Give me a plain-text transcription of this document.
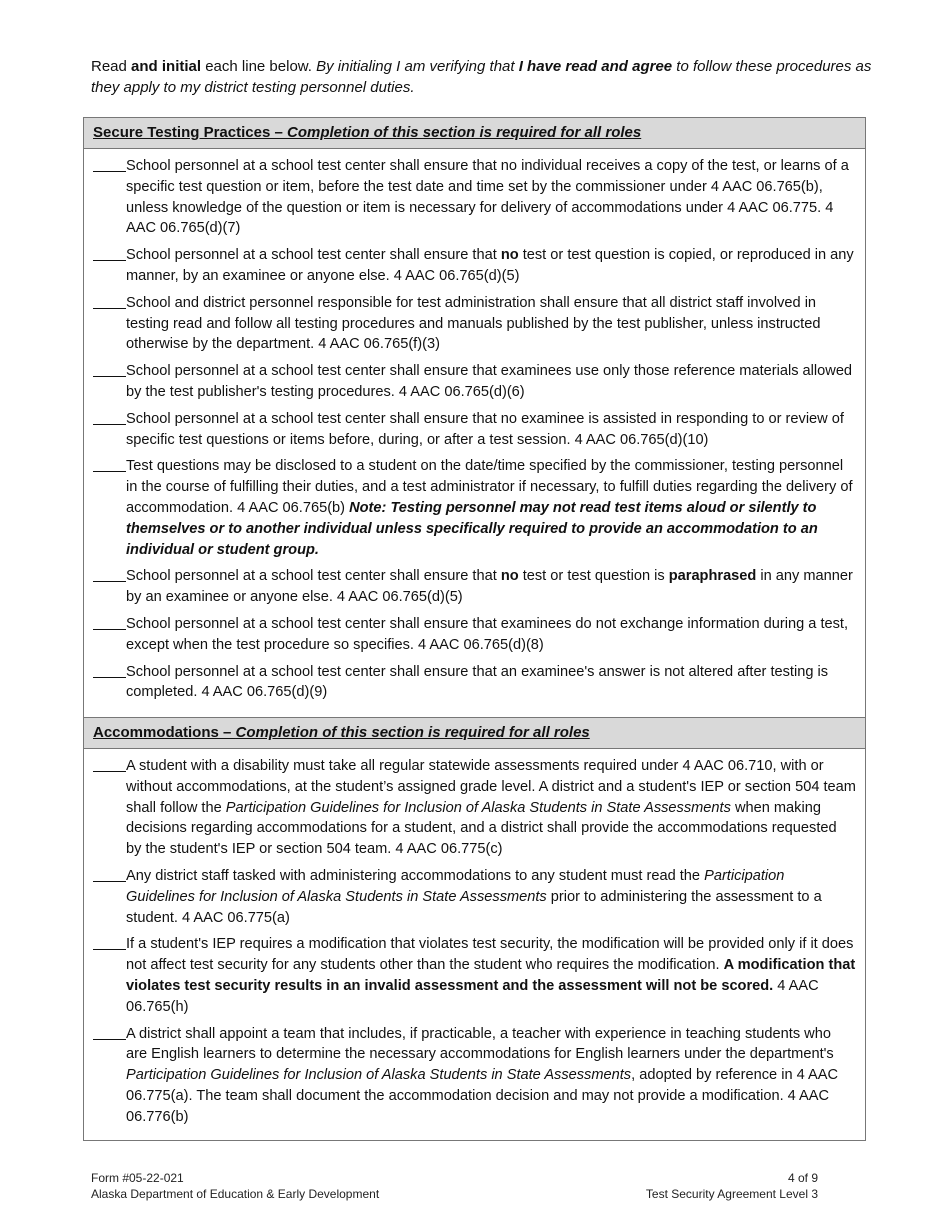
Read and initial each line below. By initialing I am verifying that I have read and agree to follow these procedures as they apply to my district testing personnel duties.
Secure Testing Practices – Completion of this section is required for all roles
School personnel at a school test center shall ensure that no individual receives a copy of the test, or learns of a specific test question or item, before the test date and time set by the commissioner under 4 AAC 06.765(b), unless knowledge of the question or item is necessary for delivery of accommodations under 4 AAC 06.775. 4 AAC 06.765(d)(7)
School personnel at a school test center shall ensure that no test or test question is copied, or reproduced in any manner, by an examinee or anyone else. 4 AAC 06.765(d)(5)
School and district personnel responsible for test administration shall ensure that all district staff involved in testing read and follow all testing procedures and manuals published by the test publisher, unless instructed otherwise by the department. 4 AAC 06.765(f)(3)
School personnel at a school test center shall ensure that examinees use only those reference materials allowed by the test publisher's testing procedures. 4 AAC 06.765(d)(6)
School personnel at a school test center shall ensure that no examinee is assisted in responding to or review of specific test questions or items before, during, or after a test session. 4 AAC 06.765(d)(10)
Test questions may be disclosed to a student on the date/time specified by the commissioner, testing personnel in the course of fulfilling their duties, and a test administrator if necessary, to fulfill duties regarding the delivery of accommodation. 4 AAC 06.765(b) Note: Testing personnel may not read test items aloud or silently to themselves or to another individual unless specifically required to provide an accommodation to an individual or student group.
School personnel at a school test center shall ensure that no test or test question is paraphrased in any manner by an examinee or anyone else. 4 AAC 06.765(d)(5)
School personnel at a school test center shall ensure that examinees do not exchange information during a test, except when the test procedure so specifies. 4 AAC 06.765(d)(8)
School personnel at a school test center shall ensure that an examinee's answer is not altered after testing is completed. 4 AAC 06.765(d)(9)
Accommodations – Completion of this section is required for all roles
A student with a disability must take all regular statewide assessments required under 4 AAC 06.710, with or without accommodations, at the student’s assigned grade level. A district and a student's IEP or section 504 team shall follow the Participation Guidelines for Inclusion of Alaska Students in State Assessments when making decisions regarding accommodations for a student, and a district shall provide the accommodations requested by the student's IEP or section 504 team. 4 AAC 06.775(c)
Any district staff tasked with administering accommodations to any student must read the Participation Guidelines for Inclusion of Alaska Students in State Assessments prior to administering the assessment to a student. 4 AAC 06.775(a)
If a student's IEP requires a modification that violates test security, the modification will be provided only if it does not affect test security for any students other than the student who requires the modification. A modification that violates test security results in an invalid assessment and the assessment will not be scored. 4 AAC 06.765(h)
A district shall appoint a team that includes, if practicable, a teacher with experience in teaching students who are English learners to determine the necessary accommodations for English learners under the department's Participation Guidelines for Inclusion of Alaska Students in State Assessments, adopted by reference in 4 AAC 06.775(a). The team shall document the accommodation decision and may not provide a modification. 4 AAC 06.776(b)
Form #05-22-021
Alaska Department of Education & Early Development
4 of 9
Test Security Agreement Level 3
